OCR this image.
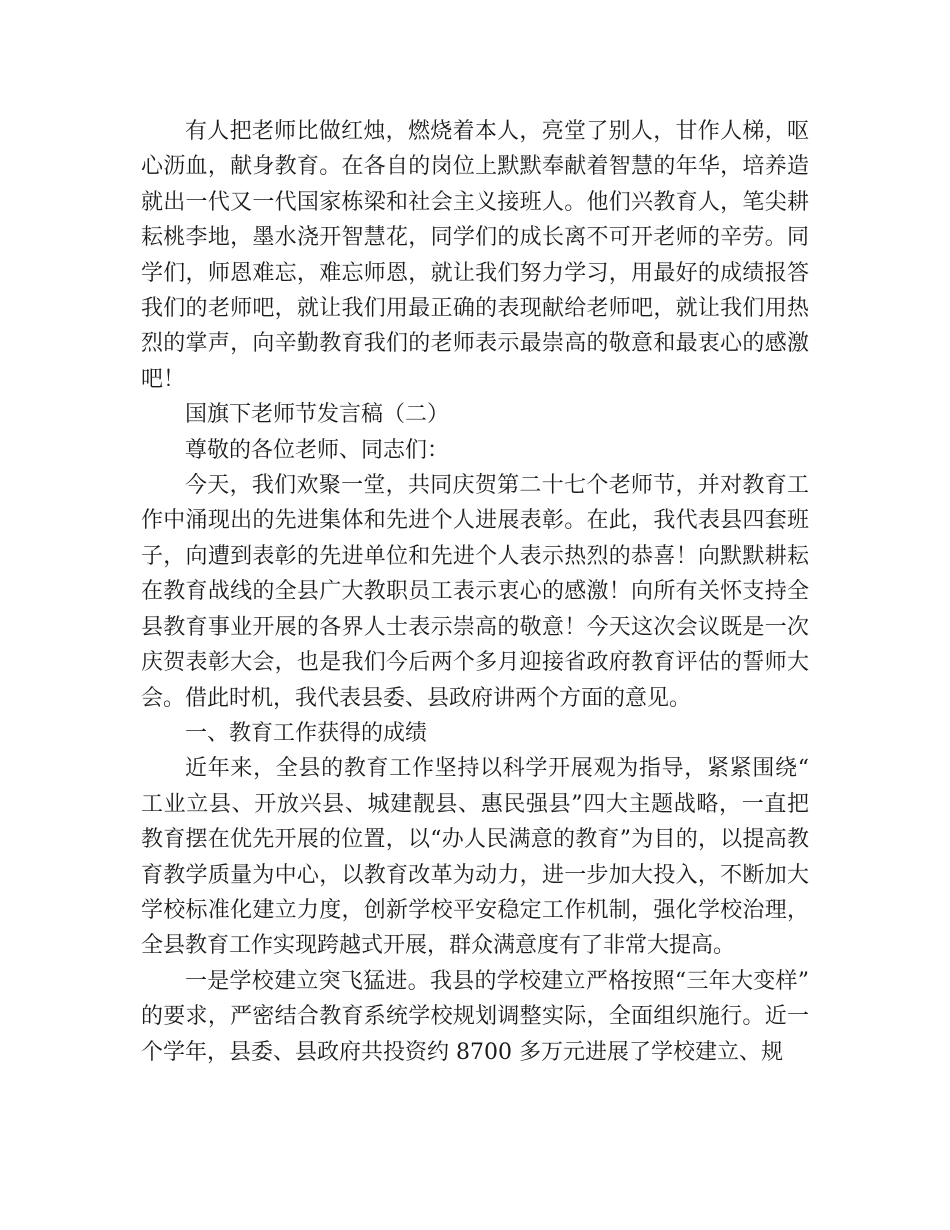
有人把老师比做红烛，燃烧着本人，亮堂了别人，甘作人梯，呕心沥血，献身教育。在各自的岗位上默默奉献着智慧的年华，培养造就出一代又一代国家栋梁和社会主义接班人。他们兴教育人，笔尖耕耘桃李地，墨水浇开智慧花，同学们的成长离不可开老师的辛劳。同学们，师恩难忘，难忘师恩，就让我们努力学习，用最好的成绩报答我们的老师吧，就让我们用最正确的表现献给老师吧，就让我们用热烈的掌声，向辛勤教育我们的老师表示最崇高的敬意和最衷心的感激吧！

国旗下老师节发言稿（二）

尊敬的各位老师、同志们：

今天，我们欢聚一堂，共同庆贺第二十七个老师节，并对教育工作中涌现出的先进集体和先进个人进展表彰。在此，我代表县四套班子，向遭到表彰的先进单位和先进个人表示热烈的恭喜！向默默耕耘在教育战线的全县广大教职员工表示衷心的感激！向所有关怀支持全县教育事业开展的各界人士表示崇高的敬意！今天这次会议既是一次庆贺表彰大会，也是我们今后两个多月迎接省政府教育评估的誓师大会。借此时机，我代表县委、县政府讲两个方面的意见。

一、教育工作获得的成绩

近年来，全县的教育工作坚持以科学开展观为指导，紧紧围绕“工业立县、开放兴县、城建靓县、惠民强县”四大主题战略，一直把教育摆在优先开展的位置，以“办人民满意的教育”为目的，以提高教育教学质量为中心，以教育改革为动力，进一步加大投入，不断加大学校标准化建立力度，创新学校平安稳定工作机制，强化学校治理，全县教育工作实现跨越式开展，群众满意度有了非常大提高。

一是学校建立突飞猛进。我县的学校建立严格按照“三年大变样”的要求，严密结合教育系统学校规划调整实际，全面组织施行。近一个学年，县委、县政府共投资约 8700 多万元进展了学校建立、规
